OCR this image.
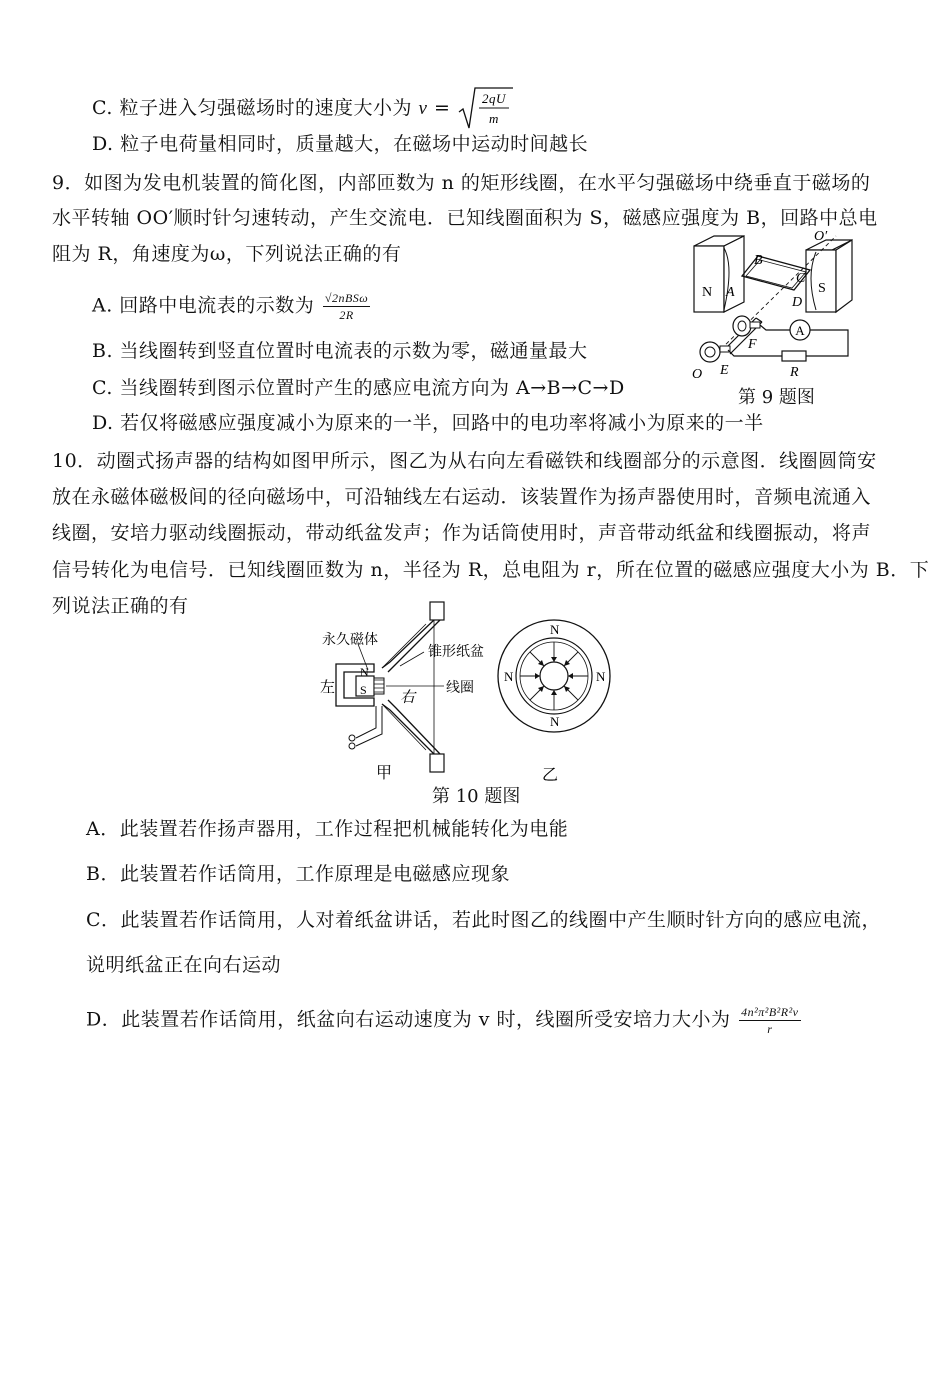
C. 粒子进入匀强磁场时的速度大小为 v = 2qU
m
D. 粒子电荷量相同时，质量越大，在磁场中运动时间越长
9．如图为发电机装置的简化图，内部匝数为 n 的矩形线圈，在水平匀强磁场中绕垂直于磁场的
水平转轴 OO′顺时针匀速转动，产生交流电．已知线圈面积为 S，磁感应强度为 B，回路中总电
阻为 R，角速度为ω，下列说法正确的有
A. 回路中电流表的示数为 $\frac{\text{√2nBSω}}{2R}$
B. 当线圈转到竖直位置时电流表的示数为零，磁通量最大
C. 当线圈转到图示位置时产生的感应电流方向为 A→B→C→D
D. 若仅将磁感应强度减小为原来的一半，回路中的电功率将减小为原来的一半
O′
B
C
N A	S
D
A
F
O E	R
第 9 题图
10．动圈式扬声器的结构如图甲所示，图乙为从右向左看磁铁和线圈部分的示意图．线圈圆筒安
放在永磁体磁极间的径向磁场中，可沿轴线左右运动．该装置作为扬声器使用时，音频电流通入
线圈，安培力驱动线圈振动，带动纸盆发声；作为话筒使用时，声音带动纸盆和线圈振动，将声
信号转化为电信号．已知线圈匝数为 n，半径为 R，总电阻为 r，所在位置的磁感应强度大小为 B．下
列说法正确的有
永久磁体
锥形纸盆
线圈
左
右
N
S
甲
N
N	N
N
乙
第 10 题图
A．此装置若作扬声器用，工作过程把机械能转化为电能
B．此装置若作话筒用，工作原理是电磁感应现象
C．此装置若作话筒用，人对着纸盆讲话，若此时图乙的线圈中产生顺时针方向的感应电流，
说明纸盆正在向右运动
D．此装置若作话筒用，纸盆向右运动速度为 v 时，线圈所受安培力大小为 $\frac{\text{4n²π²B²R²v}}{r}$
